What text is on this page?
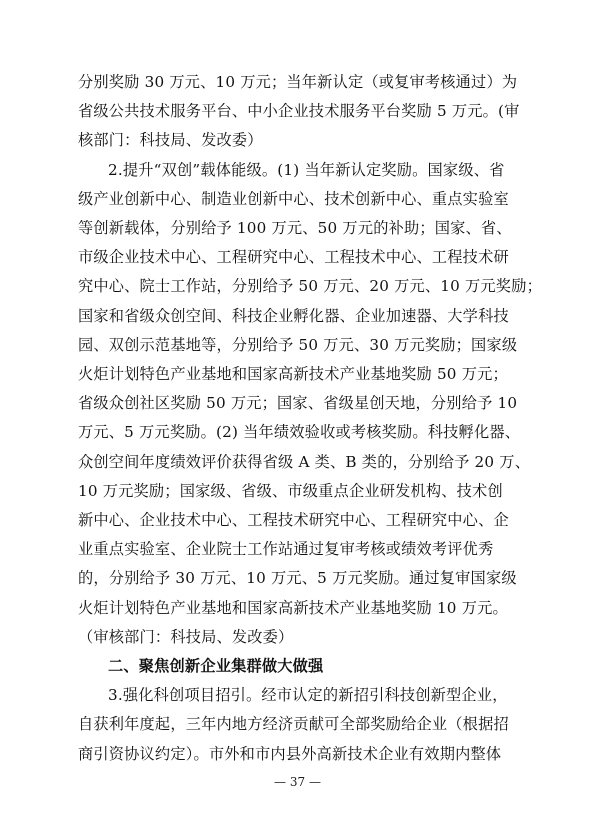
分别奖励 30 万元、10 万元；当年新认定（或复审考核通过）为
省级公共技术服务平台、中小企业技术服务平台奖励 5 万元。(审
核部门：科技局、发改委）
2.提升“双创”载体能级。(1) 当年新认定奖励。国家级、省
级产业创新中心、制造业创新中心、技术创新中心、重点实验室
等创新载体，分别给予 100 万元、50 万元的补助；国家、省、
市级企业技术中心、工程研究中心、工程技术中心、工程技术研
究中心、院士工作站，分别给予 50 万元、20 万元、10 万元奖励；
国家和省级众创空间、科技企业孵化器、企业加速器、大学科技
园、双创示范基地等，分别给予 50 万元、30 万元奖励；国家级
火炬计划特色产业基地和国家高新技术产业基地奖励 50 万元；
省级众创社区奖励 50 万元；国家、省级星创天地，分别给予 10
万元、5 万元奖励。(2) 当年绩效验收或考核奖励。科技孵化器、
众创空间年度绩效评价获得省级 A 类、B 类的，分别给予 20 万、
10 万元奖励；国家级、省级、市级重点企业研发机构、技术创
新中心、企业技术中心、工程技术研究中心、工程研究中心、企
业重点实验室、企业院士工作站通过复审考核或绩效考评优秀
的，分别给予 30 万元、10 万元、5 万元奖励。通过复审国家级
火炬计划特色产业基地和国家高新技术产业基地奖励 10 万元。
（审核部门：科技局、发改委）
二、聚焦创新企业集群做大做强
3.强化科创项目招引。经市认定的新招引科技创新型企业，
自获利年度起，三年内地方经济贡献可全部奖励给企业（根据招
商引资协议约定）。市外和市内县外高新技术企业有效期内整体
— 37 —
